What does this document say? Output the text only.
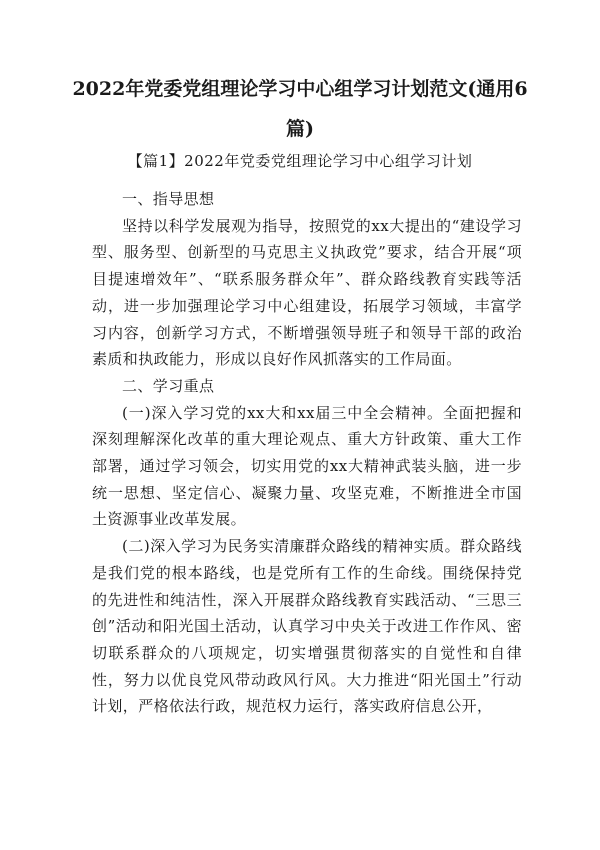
2022年党委党组理论学习中心组学习计划范文(通用6
篇)
【篇1】2022年党委党组理论学习中心组学习计划

一、指导思想

坚持以科学发展观为指导，按照党的xx大提出的“建设学习型、服务型、创新型的马克思主义执政党”要求，结合开展“项目提速增效年”、“联系服务群众年”、群众路线教育实践等活动，进一步加强理论学习中心组建设，拓展学习领域，丰富学习内容，创新学习方式，不断增强领导班子和领导干部的政治素质和执政能力，形成以良好作风抓落实的工作局面。

二、学习重点

(一)深入学习党的xx大和xx届三中全会精神。全面把握和深刻理解深化改革的重大理论观点、重大方针政策、重大工作部署，通过学习领会，切实用党的xx大精神武装头脑，进一步统一思想、坚定信心、凝聚力量、攻坚克难，不断推进全市国土资源事业改革发展。

(二)深入学习为民务实清廉群众路线的精神实质。群众路线是我们党的根本路线，也是党所有工作的生命线。围绕保持党的先进性和纯洁性，深入开展群众路线教育实践活动、“三思三创”活动和阳光国土活动，认真学习中央关于改进工作作风、密切联系群众的八项规定，切实增强贯彻落实的自觉性和自律性，努力以优良党风带动政风行风。大力推进“阳光国土”行动计划，严格依法行政，规范权力运行，落实政府信息公开，
